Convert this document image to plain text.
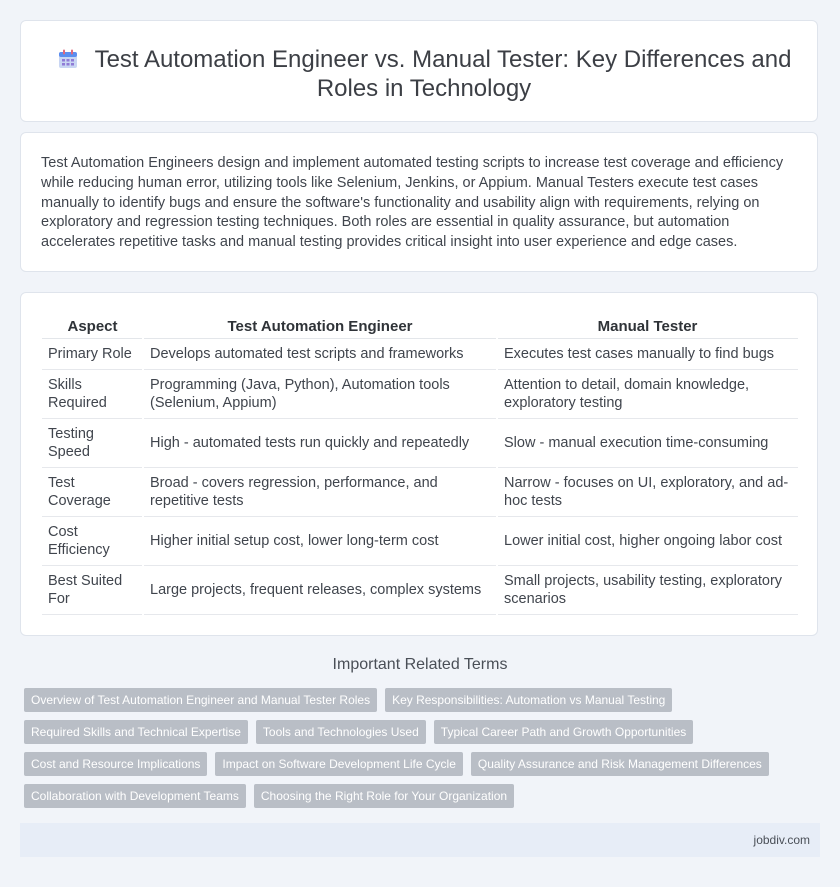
Test Automation Engineer vs. Manual Tester: Key Differences and Roles in Technology

Test Automation Engineers design and implement automated testing scripts to increase test coverage and efficiency while reducing human error, utilizing tools like Selenium, Jenkins, or Appium. Manual Testers execute test cases manually to identify bugs and ensure the software's functionality and usability align with requirements, relying on exploratory and regression testing techniques. Both roles are essential in quality assurance, but automation accelerates repetitive tasks and manual testing provides critical insight into user experience and edge cases.

Aspect	Test Automation Engineer	Manual Tester
Primary Role	Develops automated test scripts and frameworks	Executes test cases manually to find bugs
Skills Required	Programming (Java, Python), Automation tools (Selenium, Appium)	Attention to detail, domain knowledge, exploratory testing
Testing Speed	High - automated tests run quickly and repeatedly	Slow - manual execution time-consuming
Test Coverage	Broad - covers regression, performance, and repetitive tests	Narrow - focuses on UI, exploratory, and ad-hoc tests
Cost Efficiency	Higher initial setup cost, lower long-term cost	Lower initial cost, higher ongoing labor cost
Best Suited For	Large projects, frequent releases, complex systems	Small projects, usability testing, exploratory scenarios
Important Related Terms
Overview of Test Automation Engineer and Manual Tester Roles	Key Responsibilities: Automation vs Manual Testing
Required Skills and Technical Expertise	Tools and Technologies Used	Typical Career Path and Growth Opportunities
Cost and Resource Implications	Impact on Software Development Life Cycle	Quality Assurance and Risk Management Differences
Collaboration with Development Teams	Choosing the Right Role for Your Organization
jobdiv.com
